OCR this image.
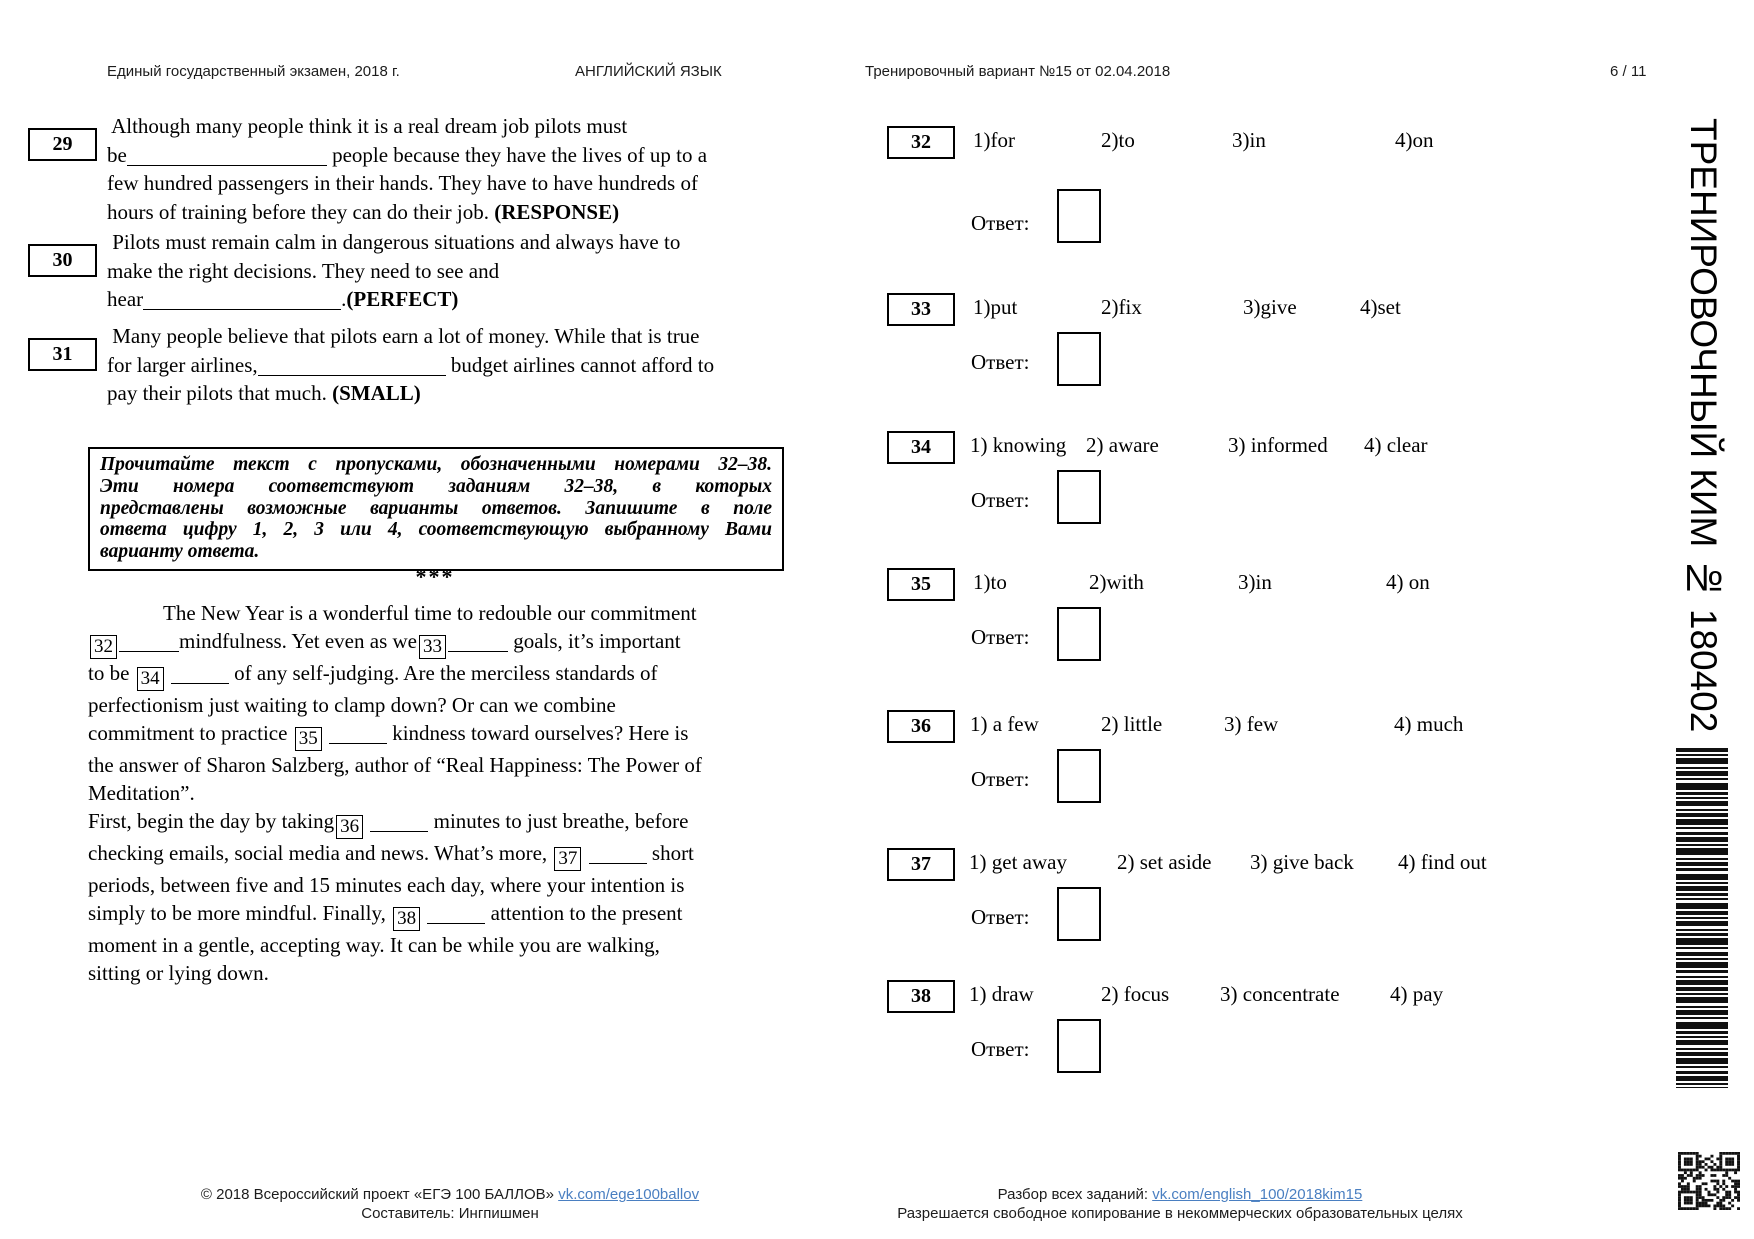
Единый государственный экзамен, 2018 г.	АНГЛИЙСКИЙ ЯЗЫК	Тренировочный вариант №15 от 02.04.2018	6 / 11
29
Although many people think it is a real dream job pilots must
be	people because they have the lives of up to a
few hundred passengers in their hands. They have to have hundreds of
hours of training before they can do their job. (RESPONSE)
30
Pilots must remain calm in dangerous situations and always have to
make the right decisions. They need to see and
hear	.(PERFECT)
31
Many people believe that pilots earn a lot of money. While that is true
for larger airlines,	budget airlines cannot afford to
pay their pilots that much. (SMALL)
Прочитайте текст с пропусками, обозначенными номерами 32–38.
Эти номера соответствуют заданиям 32–38, в которых
представлены возможные варианты ответов. Запишите в поле
ответа цифру 1, 2, 3 или 4, соответствующую выбранному Вами
варианту ответа.
***
The New Year is a wonderful time to redouble our commitment
32	mindfulness. Yet even as we 33	goals, it’s important
to be 34	of any self-judging. Are the merciless standards of
perfectionism just waiting to clamp down? Or can we combine
commitment to practice 35	kindness toward ourselves? Here is
the answer of Sharon Salzberg, author of “Real Happiness: The Power of
Meditation”.
First, begin the day by taking 36	minutes to just breathe, before
checking emails, social media and news. What’s more, 37	short
periods, between five and 15 minutes each day, where your intention is
simply to be more mindful. Finally, 38	attention to the present
moment in a gentle, accepting way. It can be while you are walking,
sitting or lying down.
32	1)for	2)to	3)in	4)on
Ответ:
33	1)put	2)fix	3)give	4)set
Ответ:
34	1) knowing 2) aware	3) informed 4) clear
Ответ:
35	1)to	2)with	3)in	4) on
Ответ:
36	1) a few	2) little	3) few	4) much
Ответ:
37	1) get away 2) set aside 3) give back 4) find out
Ответ:
38	1) draw	2) focus 3) concentrate 4) pay
Ответ:
ТРЕНИРОВОЧНЫЙ КИМ № 180402
© 2018 Всероссийский проект «ЕГЭ 100 БАЛЛОВ» vk.com/ege100ballov
Составитель: Ингпишмен
Разбор всех заданий: vk.com/english_100/2018kim15
Разрешается свободное копирование в некоммерческих образовательных целях
